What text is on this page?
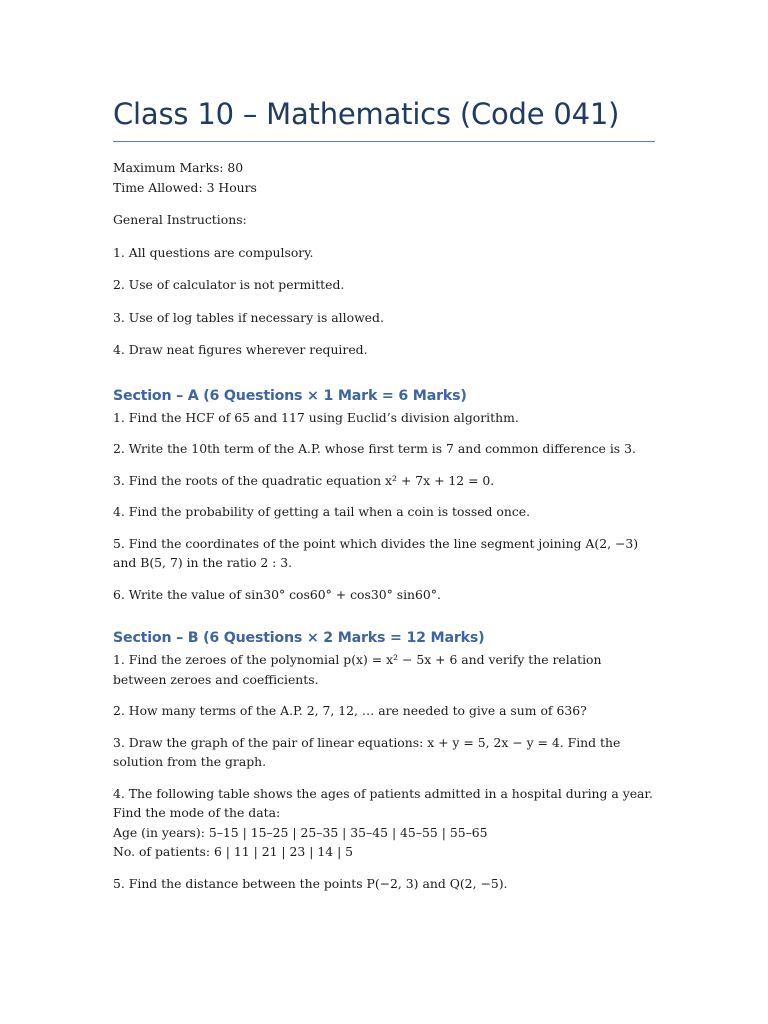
Class 10 – Mathematics (Code 041)
Maximum Marks: 80
Time Allowed: 3 Hours
General Instructions:
1. All questions are compulsory.
2. Use of calculator is not permitted.
3. Use of log tables if necessary is allowed.
4. Draw neat figures wherever required.
Section – A (6 Questions × 1 Mark = 6 Marks)
1. Find the HCF of 65 and 117 using Euclid’s division algorithm.
2. Write the 10th term of the A.P. whose first term is 7 and common difference is 3.
3. Find the roots of the quadratic equation x² + 7x + 12 = 0.
4. Find the probability of getting a tail when a coin is tossed once.
5. Find the coordinates of the point which divides the line segment joining A(2, −3) and B(5, 7) in the ratio 2 : 3.
6. Write the value of sin30° cos60° + cos30° sin60°.
Section – B (6 Questions × 2 Marks = 12 Marks)
1. Find the zeroes of the polynomial p(x) = x² − 5x + 6 and verify the relation between zeroes and coefficients.
2. How many terms of the A.P. 2, 7, 12, … are needed to give a sum of 636?
3. Draw the graph of the pair of linear equations: x + y = 5, 2x − y = 4. Find the solution from the graph.
4. The following table shows the ages of patients admitted in a hospital during a year. Find the mode of the data:
Age (in years): 5–15 | 15–25 | 25–35 | 35–45 | 45–55 | 55–65
No. of patients: 6 | 11 | 21 | 23 | 14 | 5
5. Find the distance between the points P(−2, 3) and Q(2, −5).
